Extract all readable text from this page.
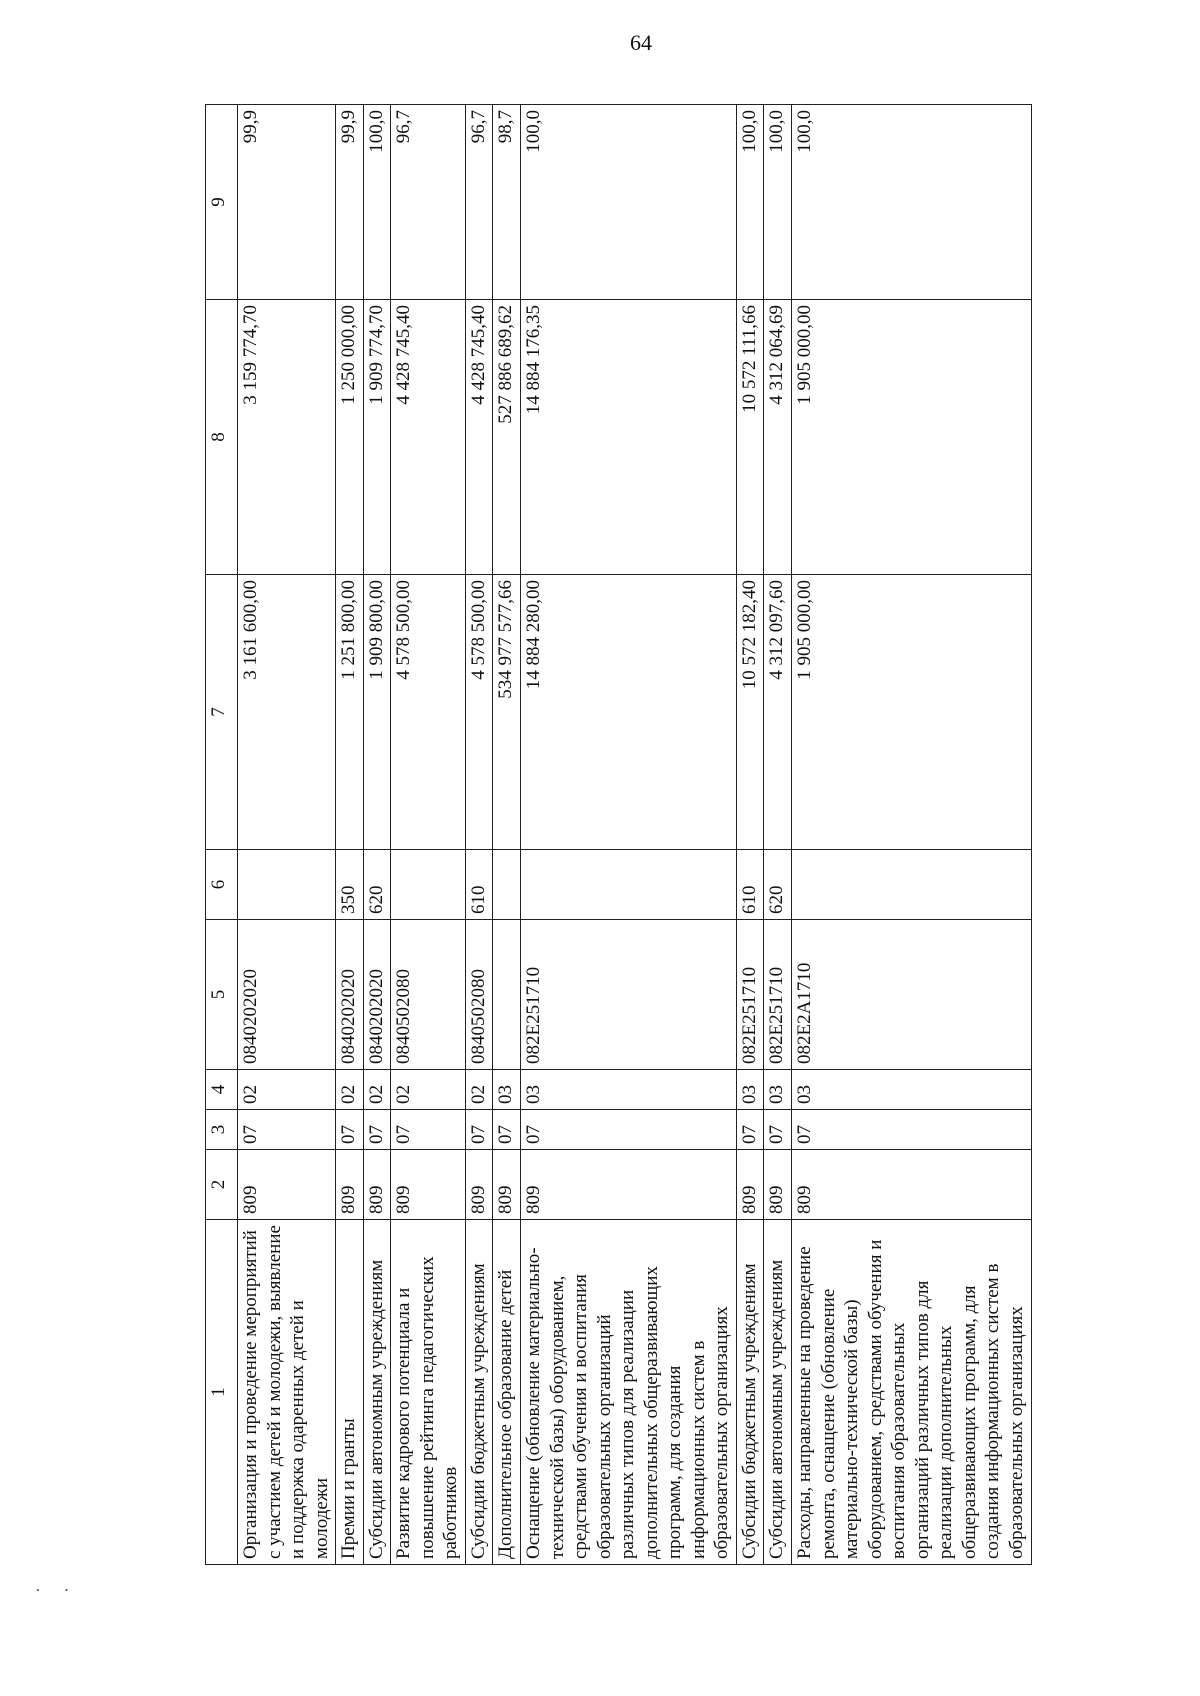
64
·     ·
1	2	3	4	5	6	7	8	9
Организация и проведение мероприятий с участием детей и молодежи, выявление и поддержка одаренных детей и молодежи	809	07	02	0840202020		3 161 600,00	3 159 774,70	99,9
Премии и гранты	809	07	02	0840202020	350	1 251 800,00	1 250 000,00	99,9
Субсидии автономным учреждениям	809	07	02	0840202020	620	1 909 800,00	1 909 774,70	100,0
Развитие кадрового потенциала и повышение рейтинга педагогических работников	809	07	02	0840502080		4 578 500,00	4 428 745,40	96,7
Субсидии бюджетным учреждениям	809	07	02	0840502080	610	4 578 500,00	4 428 745,40	96,7
Дополнительное образование детей	809	07	03			534 977 577,66	527 886 689,62	98,7
Оснащение (обновление материально-технической базы) оборудованием, средствами обучения и воспитания образовательных организаций различных типов для реализации дополнительных общеразвивающих программ, для создания информационных систем в образовательных организациях	809	07	03	082E251710		14 884 280,00	14 884 176,35	100,0
Субсидии бюджетным учреждениям	809	07	03	082E251710	610	10 572 182,40	10 572 111,66	100,0
Субсидии автономным учреждениям	809	07	03	082E251710	620	4 312 097,60	4 312 064,69	100,0
Расходы, направленные на проведение ремонта, оснащение (обновление материально-технической базы) оборудованием, средствами обучения и воспитания образовательных организаций различных типов для реализации дополнительных общеразвивающих программ, для создания информационных систем в образовательных организациях	809	07	03	082E2A1710		1 905 000,00	1 905 000,00	100,0
